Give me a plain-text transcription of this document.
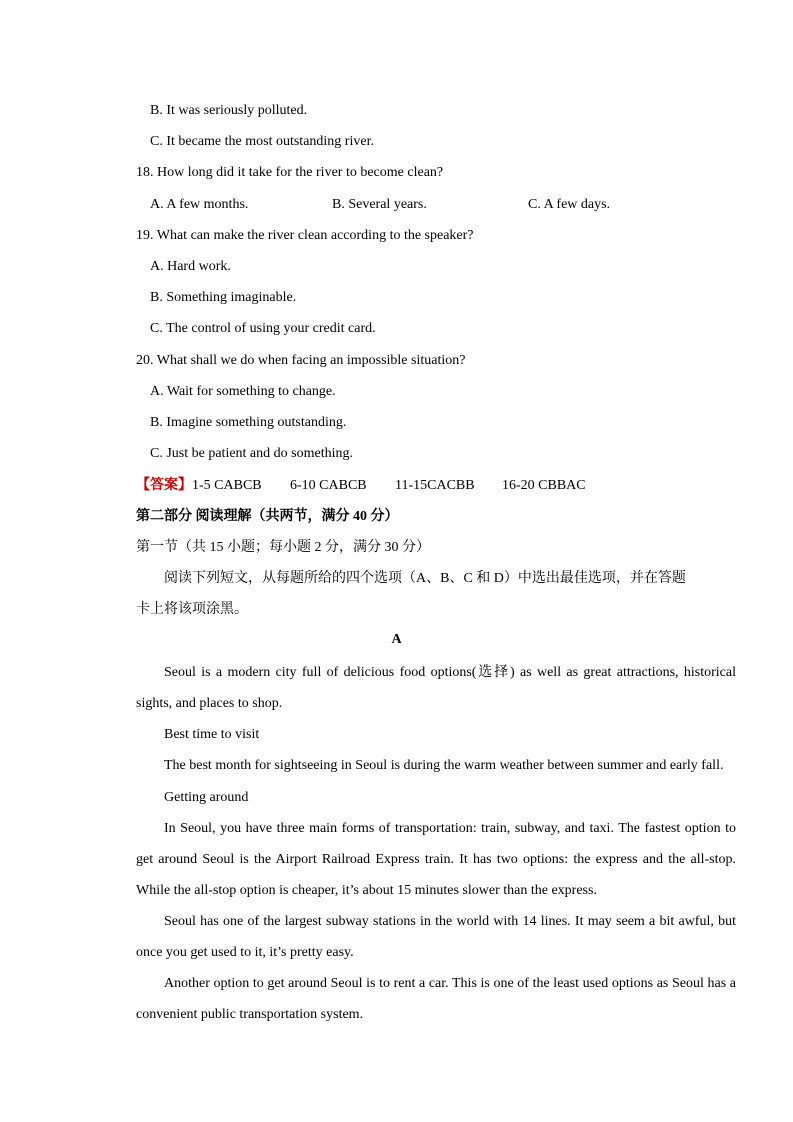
B. It was seriously polluted.
C. It became the most outstanding river.
18. How long did it take for the river to become clean?
A. A few months.	B. Several years.	C. A few days.
19. What can make the river clean according to the speaker?
A. Hard work.
B. Something imaginable.
C. The control of using your credit card.
20. What shall we do when facing an impossible situation?
A. Wait for something to change.
B. Imagine something outstanding.
C. Just be patient and do something.
【答案】 1-5 CABCB 6-10 CABCB 11-15CACBB 16-20 CBBAC
第二部分 阅读理解（共两节，满分 40 分）
第一节（共 15 小题；每小题 2 分，满分 30 分）
阅读下列短文，从每题所给的四个选项（A、B、C 和 D）中选出最佳选项，并在答题
卡上将该项涂黑。
A
Seoul is a modern city full of delicious food options(选择) as well as great attractions, historical sights, and places to shop.
Best time to visit
The best month for sightseeing in Seoul is during the warm weather between summer and early fall.
Getting around
In Seoul, you have three main forms of transportation: train, subway, and taxi. The fastest option to get around Seoul is the Airport Railroad Express train. It has two options: the express and the all-stop. While the all-stop option is cheaper, it’s about 15 minutes slower than the express.
Seoul has one of the largest subway stations in the world with 14 lines. It may seem a bit awful, but once you get used to it, it’s pretty easy.
Another option to get around Seoul is to rent a car. This is one of the least used options as Seoul has a convenient public transportation system.
